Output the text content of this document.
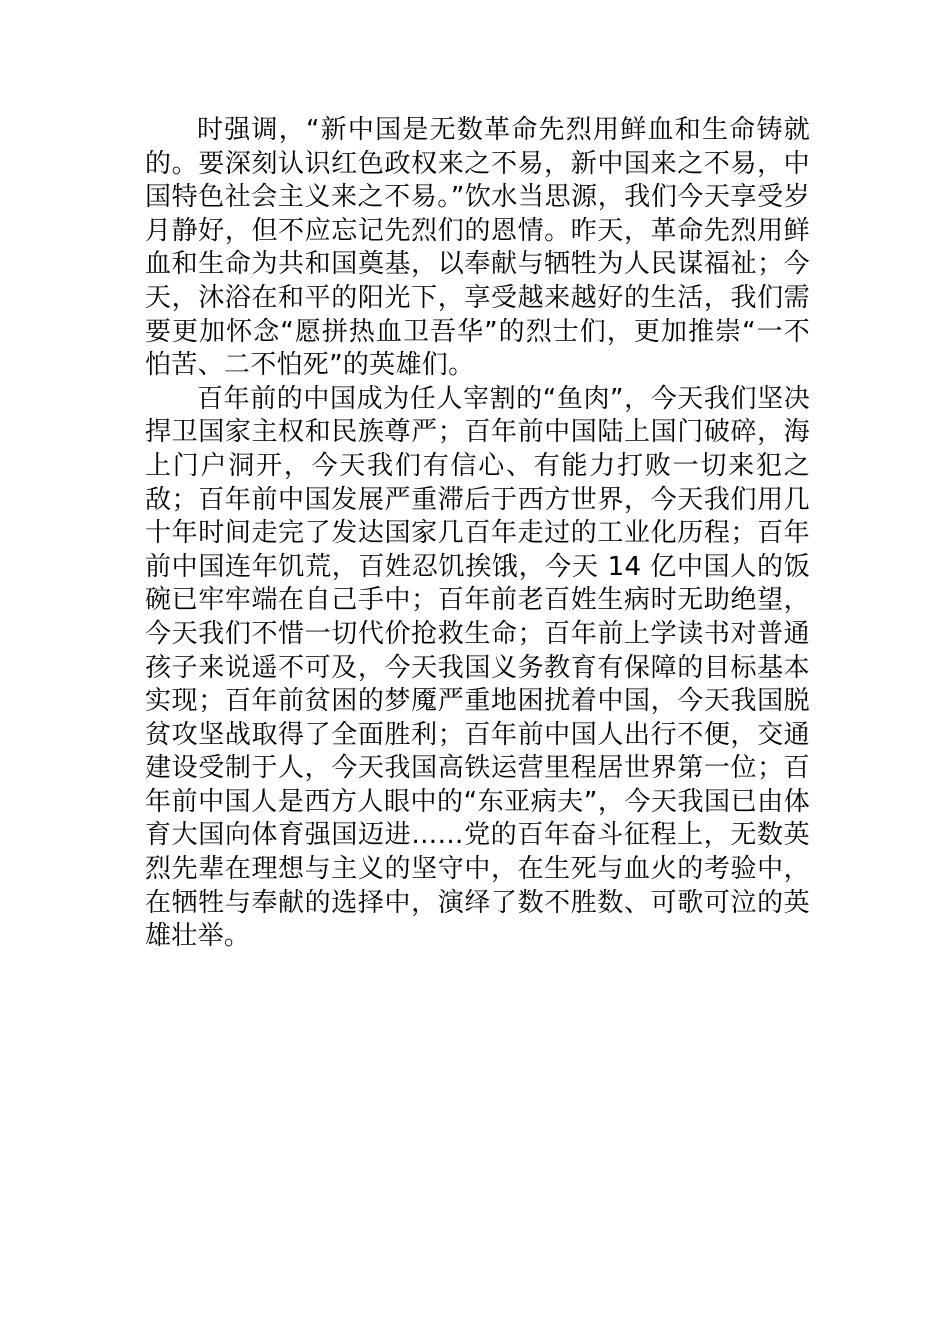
时强调，“新中国是无数革命先烈用鲜血和生命铸就的。要深刻认识红色政权来之不易，新中国来之不易，中国特色社会主义来之不易。”饮水当思源，我们今天享受岁月静好，但不应忘记先烈们的恩情。昨天，革命先烈用鲜血和生命为共和国奠基，以奉献与牺牲为人民谋福祉；今天，沐浴在和平的阳光下，享受越来越好的生活，我们需要更加怀念“愿拼热血卫吾华”的烈士们，更加推崇“一不怕苦、二不怕死”的英雄们。

百年前的中国成为任人宰割的“鱼肉”，今天我们坚决捍卫国家主权和民族尊严；百年前中国陆上国门破碎，海上门户洞开，今天我们有信心、有能力打败一切来犯之敌；百年前中国发展严重滞后于西方世界，今天我们用几十年时间走完了发达国家几百年走过的工业化历程；百年前中国连年饥荒，百姓忍饥挨饿，今天 14 亿中国人的饭碗已牢牢端在自己手中；百年前老百姓生病时无助绝望，今天我们不惜一切代价抢救生命；百年前上学读书对普通孩子来说遥不可及，今天我国义务教育有保障的目标基本实现；百年前贫困的梦魇严重地困扰着中国，今天我国脱贫攻坚战取得了全面胜利；百年前中国人出行不便，交通建设受制于人，今天我国高铁运营里程居世界第一位；百年前中国人是西方人眼中的“东亚病夫”，今天我国已由体育大国向体育强国迈进……党的百年奋斗征程上，无数英烈先辈在理想与主义的坚守中，在生死与血火的考验中，在牺牲与奉献的选择中，演绎了数不胜数、可歌可泣的英雄壮举。
